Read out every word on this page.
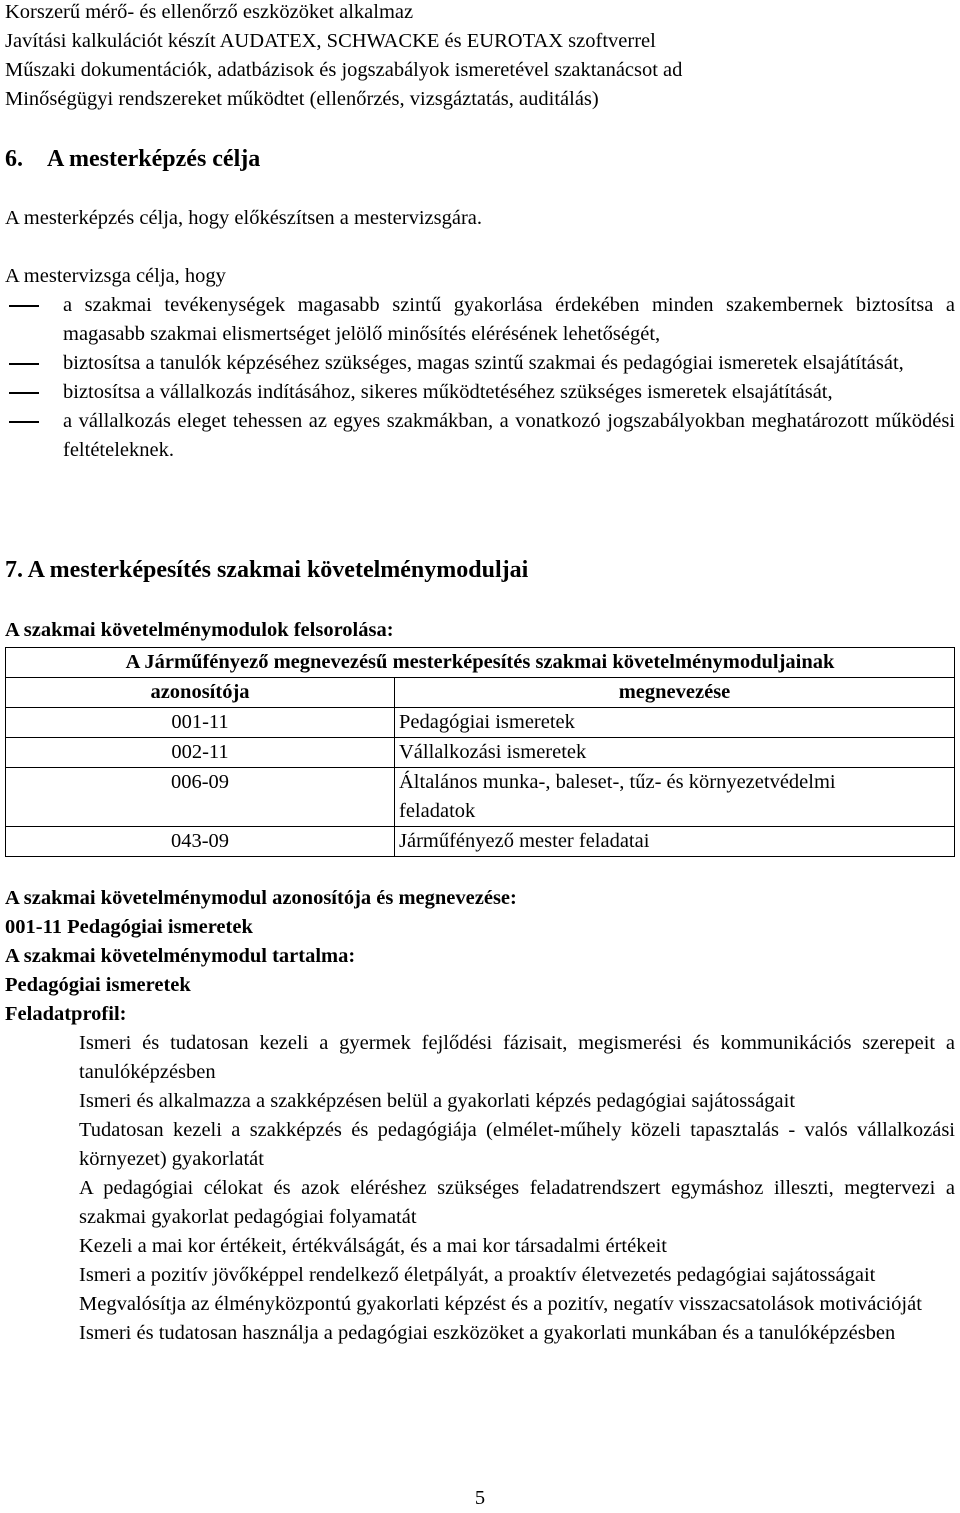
Korszerű mérő- és ellenőrző eszközöket alkalmaz
Javítási kalkulációt készít AUDATEX, SCHWACKE és EUROTAX szoftverrel
Műszaki dokumentációk, adatbázisok és jogszabályok ismeretével szaktanácsot ad
Minőségügyi rendszereket működtet (ellenőrzés, vizsgáztatás, auditálás)
6.    A mesterképzés célja
A mesterképzés célja, hogy előkészítsen a mestervizsgára.
A mestervizsga célja, hogy
a szakmai tevékenységek magasabb szintű gyakorlása érdekében minden szakembernek biztosítsa a magasabb szakmai elismertséget jelölő minősítés elérésének lehetőségét,
biztosítsa a tanulók képzéséhez szükséges, magas szintű szakmai és pedagógiai ismeretek elsajátítását,
biztosítsa a vállalkozás indításához, sikeres működtetéséhez szükséges ismeretek elsajátítását,
a vállalkozás eleget tehessen az egyes szakmákban, a vonatkozó jogszabályokban meghatározott működési feltételeknek.
7. A mesterképesítés szakmai követelménymoduljai
A szakmai követelménymodulok felsorolása:
A Járműfényező megnevezésű mesterképesítés szakmai követelménymoduljainak	
azonosítója	megnevezése
001-11	Pedagógiai ismeretek
002-11	Vállalkozási ismeretek
006-09	Általános munka-, baleset-, tűz- és környezetvédelmi feladatok
043-09	Járműfényező mester feladatai
A szakmai követelménymodul azonosítója és megnevezése:
001-11 Pedagógiai ismeretek
A szakmai követelménymodul tartalma:
Pedagógiai ismeretek
Feladatprofil:
Ismeri és tudatosan kezeli a gyermek fejlődési fázisait, megismerési és kommunikációs szerepeit a tanulóképzésben
Ismeri és alkalmazza a szakképzésen belül a gyakorlati képzés pedagógiai sajátosságait
Tudatosan kezeli a szakképzés és pedagógiája (elmélet-műhely közeli tapasztalás - valós vállalkozási környezet) gyakorlatát
A pedagógiai célokat és azok eléréshez szükséges feladatrendszert egymáshoz illeszti, megtervezi a szakmai gyakorlat pedagógiai folyamatát
Kezeli a mai kor értékeit, értékválságát, és a mai kor társadalmi értékeit
Ismeri a pozitív jövőképpel rendelkező életpályát, a proaktív életvezetés pedagógiai sajátosságait
Megvalósítja az élményközpontú gyakorlati képzést és a pozitív, negatív visszacsatolások motivációját
Ismeri és tudatosan használja a pedagógiai eszközöket a gyakorlati munkában és a tanulóképzésben
5
